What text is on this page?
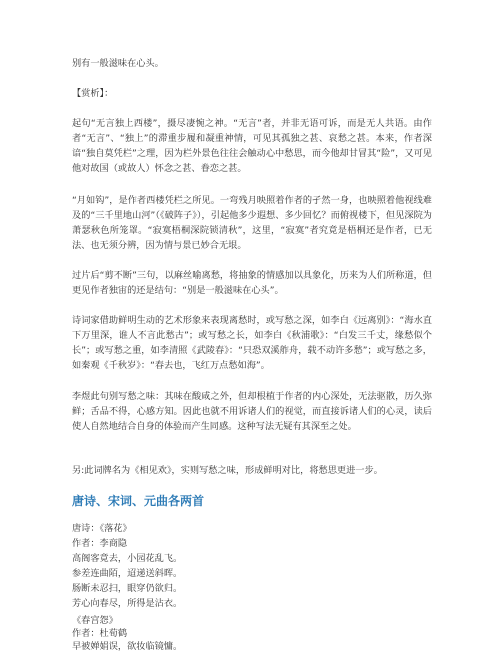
别有一般滋味在心头。

【赏析】：

起句“无言独上西楼”，摄尽凄惋之神。“无言”者，并非无语可诉，而是无人共语。由作者“无言”、“独上”的滞重步履和凝重神情，可见其孤独之甚、哀愁之甚。本来，作者深谙“独自莫凭栏”之理，因为栏外景色往往会触动心中愁思，而今他却甘冒其“险”，又可见他对故国（或故人）怀念之甚、眷恋之甚。

“月如钩”，是作者西楼凭栏之所见。一弯残月映照着作者的孑然一身，也映照着他视线难及的“三千里地山河”（《破阵子》），引起他多少遐想、多少回忆？而俯视楼下，但见深院为萧瑟秋色所笼罩。“寂寞梧桐深院锁清秋”，这里，“寂寞”者究竟是梧桐还是作者，已无法、也无须分辨，因为情与景已妙合无垠。

过片后“剪不断”三句，以麻丝喻离愁，将抽象的情感加以具象化，历来为人们所称道，但更见作者独宙的还是结句：“别是一般滋味在心头”。

诗词家借助鲜明生动的艺术形象来表现离愁时，或写愁之深，如李白《远离别》：“海水直下万里深，谁人不言此愁古”；或写愁之长，如李白《秋浦歌》：“白发三千丈，缘愁似个长”；或写愁之重，如李清照《武陵春》：“只恐双溪舴舟，载不动许多愁”；或写愁之多，如秦观《千秋岁》：“春去也，飞红万点愁如海”。

李煜此句别写愁之味：其味在酸咸之外，但却根植于作者的内心深处，无法驱散，历久弥鲜；舌品不得，心感方知。因此也就不用诉诸人们的视觉，而直接诉诸人们的心灵，读后使人自然地结合自身的体验而产生同感。这种写法无疑有其深至之处。

另:此词牌名为《相见欢》，实则写愁之味，形成鲜明对比，将愁思更进一步。

唐诗、宋词、元曲各两首

唐诗：《落花》

作者：李商隐

高阁客竟去，小园花乱飞。

参差连曲陌，迢递送斜晖。

肠断未忍扫，眼穿仍欲归。

芳心向春尽，所得是沾衣。

《春宫怨》

作者：杜荀鹤

早被婵娟误，欲妆临镜慵。
